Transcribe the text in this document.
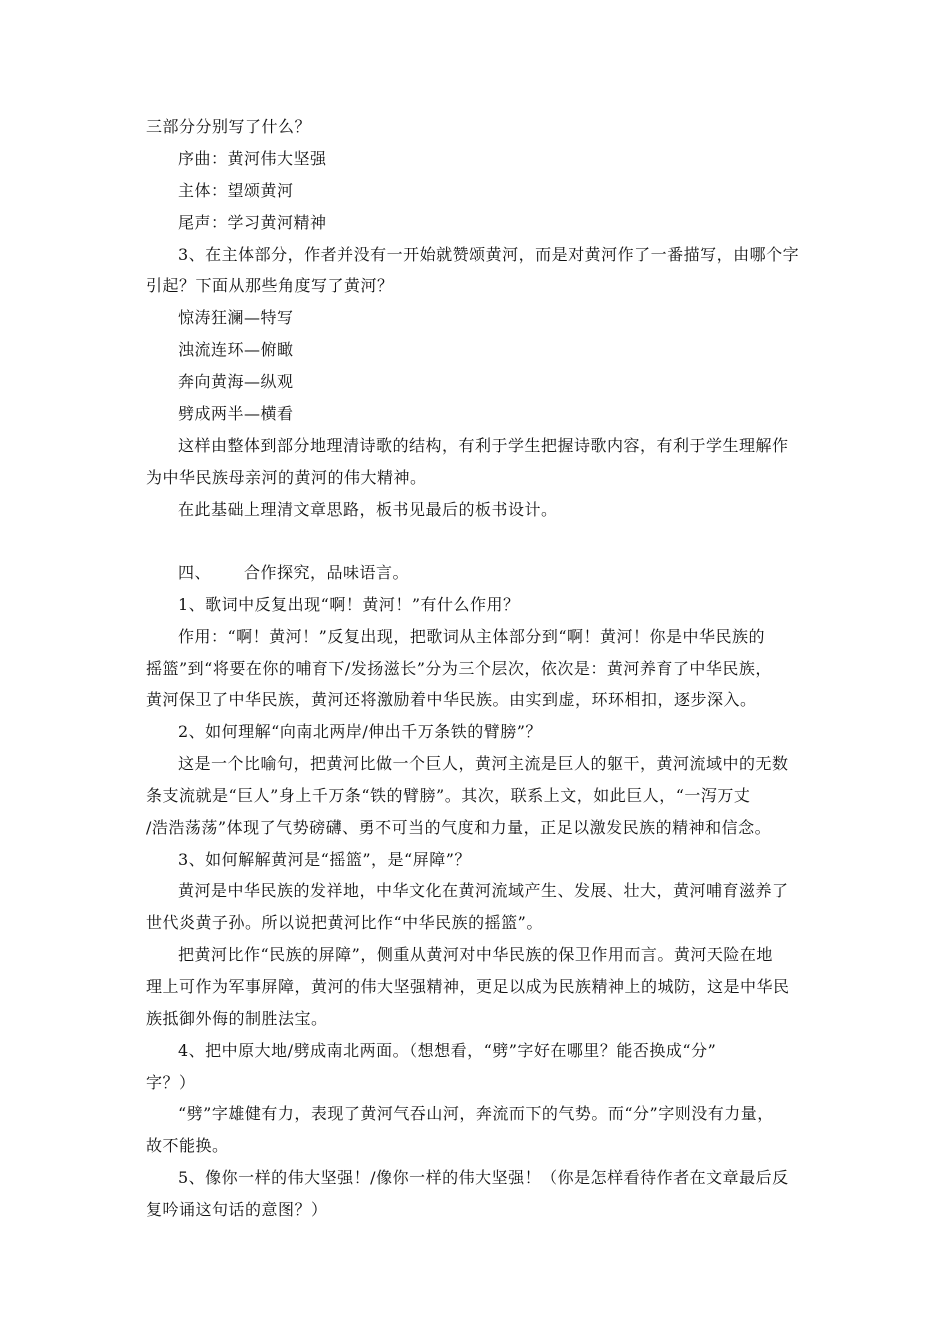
三部分分别写了什么？
序曲：黄河伟大坚强
主体：望颂黄河
尾声：学习黄河精神
3、在主体部分，作者并没有一开始就赞颂黄河，而是对黄河作了一番描写，由哪个字
引起？下面从那些角度写了黄河？
惊涛狂澜—特写
浊流连环—俯瞰
奔向黄海—纵观
劈成两半—横看
这样由整体到部分地理清诗歌的结构，有利于学生把握诗歌内容，有利于学生理解作
为中华民族母亲河的黄河的伟大精神。
在此基础上理清文章思路，板书见最后的板书设计。
四、 合作探究，品味语言。
1、歌词中反复出现“啊！黄河！”有什么作用？
作用：“啊！黄河！”反复出现，把歌词从主体部分到“啊！黄河！你是中华民族的
摇篮”到“将要在你的哺育下/发扬滋长”分为三个层次，依次是：黄河养育了中华民族，
黄河保卫了中华民族，黄河还将激励着中华民族。由实到虚，环环相扣，逐步深入。
2、如何理解“向南北两岸/伸出千万条铁的臂膀”？
这是一个比喻句，把黄河比做一个巨人，黄河主流是巨人的躯干，黄河流域中的无数
条支流就是“巨人”身上千万条“铁的臂膀”。其次，联系上文，如此巨人，“一泻万丈
/浩浩荡荡”体现了气势磅礴、勇不可当的气度和力量，正足以激发民族的精神和信念。
3、如何解解黄河是“摇篮”，是“屏障”？
黄河是中华民族的发祥地，中华文化在黄河流域产生、发展、壮大，黄河哺育滋养了
世代炎黄子孙。所以说把黄河比作“中华民族的摇篮”。
把黄河比作“民族的屏障”，侧重从黄河对中华民族的保卫作用而言。黄河天险在地
理上可作为军事屏障，黄河的伟大坚强精神，更足以成为民族精神上的城防，这是中华民
族抵御外侮的制胜法宝。
4、把中原大地/劈成南北两面。（想想看，“劈”字好在哪里？能否换成“分”
字？）
“劈”字雄健有力，表现了黄河气吞山河，奔流而下的气势。而“分”字则没有力量，
故不能换。
5、像你一样的伟大坚强！/像你一样的伟大坚强！（你是怎样看待作者在文章最后反
复吟诵这句话的意图？）
